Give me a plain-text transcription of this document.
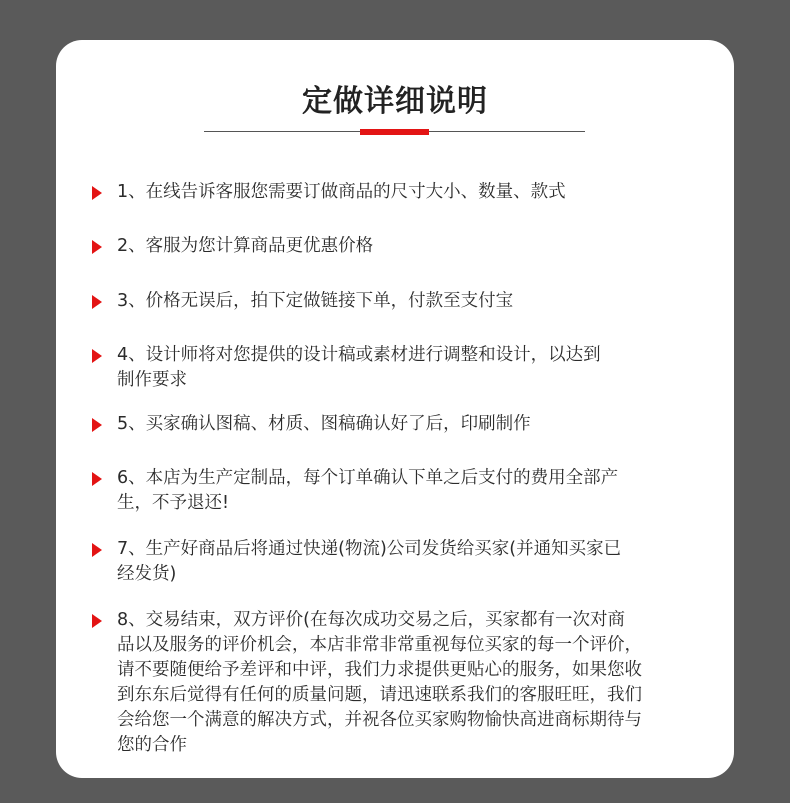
定做详细说明
1、在线告诉客服您需要订做商品的尺寸大小、数量、款式
2、客服为您计算商品更优惠价格
3、价格无误后，拍下定做链接下单，付款至支付宝
4、设计师将对您提供的设计稿或素材进行调整和设计，以达到
制作要求
5、买家确认图稿、材质、图稿确认好了后，印刷制作
6、本店为生产定制品，每个订单确认下单之后支付的费用全部产
生，不予退还!
7、生产好商品后将通过快递(物流)公司发货给买家(并通知买家已
经发货)
8、交易结束，双方评价(在每次成功交易之后，买家都有一次对商
品以及服务的评价机会，本店非常非常重视每位买家的每一个评价，
请不要随便给予差评和中评，我们力求提供更贴心的服务，如果您收
到东东后觉得有任何的质量问题，请迅速联系我们的客服旺旺，我们
会给您一个满意的解决方式，并祝各位买家购物愉快高进商标期待与
您的合作
